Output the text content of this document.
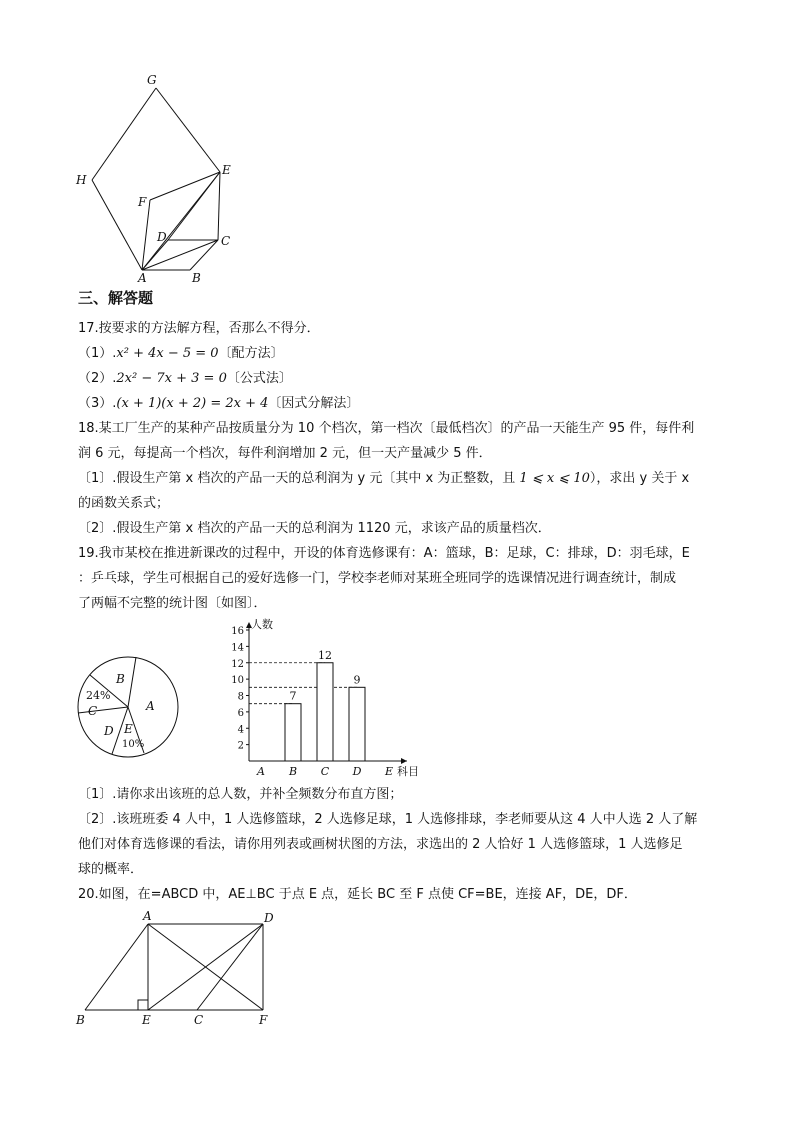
G
H
E
F
D	C
A	B
三、解答题
17.按要求的方法解方程，否那么不得分．
（1）.x² + 4x − 5 = 0〔配方法〕
（2）.2x² − 7x + 3 = 0〔公式法〕
（3）.(x + 1)(x + 2) = 2x + 4〔因式分解法〕
18.某工厂生产的某种产品按质量分为 10 个档次，第一档次〔最低档次〕的产品一天能生产 95 件，每件利
润 6 元，每提高一个档次，每件利润增加 2 元，但一天产量减少 5 件．
〔1〕.假设生产第 x 档次的产品一天的总利润为 y 元〔其中 x 为正整数，且 1 ⩽ x ⩽ 10），求出 y 关于 x
的函数关系式；
〔2〕.假设生产第 x 档次的产品一天的总利润为 1120 元，求该产品的质量档次．
19.我市某校在推进新课改的过程中，开设的体育选修课有：A：篮球，B：足球，C：排球，D：羽毛球，E
：乒乓球，学生可根据自己的爱好选修一门，学校李老师对某班全班同学的选课情况进行调查统计，制成
了两幅不完整的统计图〔如图〕．
B
A
24%
C
D E
10%	2
4
6
8
10
12
14
16
人数
科目
A B
7
C
12
D
9
E
〔1〕.请你求出该班的总人数，并补全频数分布直方图；
〔2〕.该班班委 4 人中，1 人选修篮球，2 人选修足球，1 人选修排球，李老师要从这 4 人中人选 2 人了解
他们对体育选修课的看法，请你用列表或画树状图的方法，求选出的 2 人恰好 1 人选修篮球，1 人选修足
球的概率．
20.如图，在=ABCD 中，AE⊥BC 于点 E 点，延长 BC 至 F 点使 CF=BE，连接 AF，DE，DF．
A	D
B	E	C	F
